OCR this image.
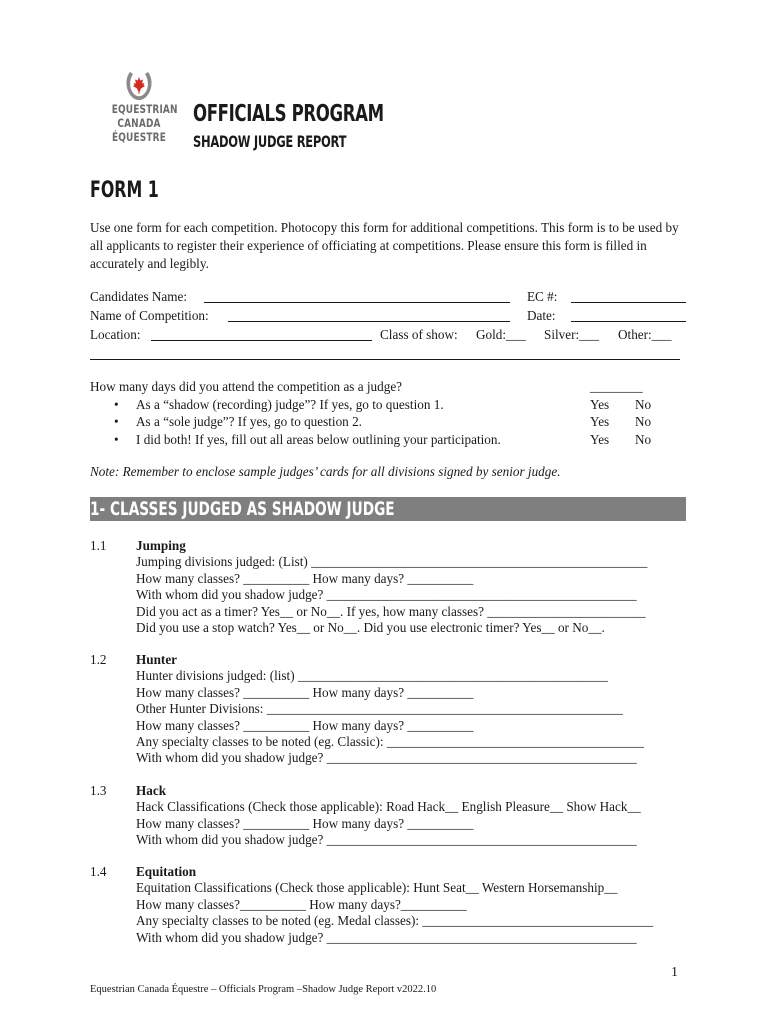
EQUESTRIAN
CANADA
ÉQUESTRE
OFFICIALS PROGRAM
SHADOW JUDGE REPORT
FORM 1

Use one form for each competition. Photocopy this form for additional competitions. This form is to be used by all applicants to register their experience of officiating at competitions. Please ensure this form is filled in accurately and legibly.

Candidates Name:	EC #:
Name of Competition:	Date:
Location:	Class of show: Gold:___ Silver:___ Other:___
How many days did you attend the competition as a judge?	________
• As a “shadow (recording) judge”? If yes, go to question 1.	Yes No
• As a “sole judge”? If yes, go to question 2.	Yes No
• I did both! If yes, fill out all areas below outlining your participation.	Yes No
Note: Remember to enclose sample judges’ cards for all divisions signed by senior judge.
1- CLASSES JUDGED AS SHADOW JUDGE
1.1 Jumping
Jumping divisions judged: (List) ___________________________________________________
How many classes? __________ How many days? __________
With whom did you shadow judge? _______________________________________________
Did you act as a timer? Yes__ or No__. If yes, how many classes? ________________________
Did you use a stop watch? Yes__ or No__. Did you use electronic timer? Yes__ or No__.
1.2 Hunter
Hunter divisions judged: (list) _______________________________________________
How many classes? __________ How many days? __________
Other Hunter Divisions: ______________________________________________________
How many classes? __________ How many days? __________
Any specialty classes to be noted (eg. Classic): _______________________________________
With whom did you shadow judge? _______________________________________________
1.3 Hack
Hack Classifications (Check those applicable): Road Hack__ English Pleasure__ Show Hack__
How many classes? __________ How many days? __________
With whom did you shadow judge? _______________________________________________
1.4 Equitation
Equitation Classifications (Check those applicable): Hunt Seat__ Western Horsemanship__
How many classes?__________ How many days?__________
Any specialty classes to be noted (eg. Medal classes): ___________________________________
With whom did you shadow judge? _______________________________________________
1
Equestrian Canada Équestre – Officials Program –Shadow Judge Report v2022.10
